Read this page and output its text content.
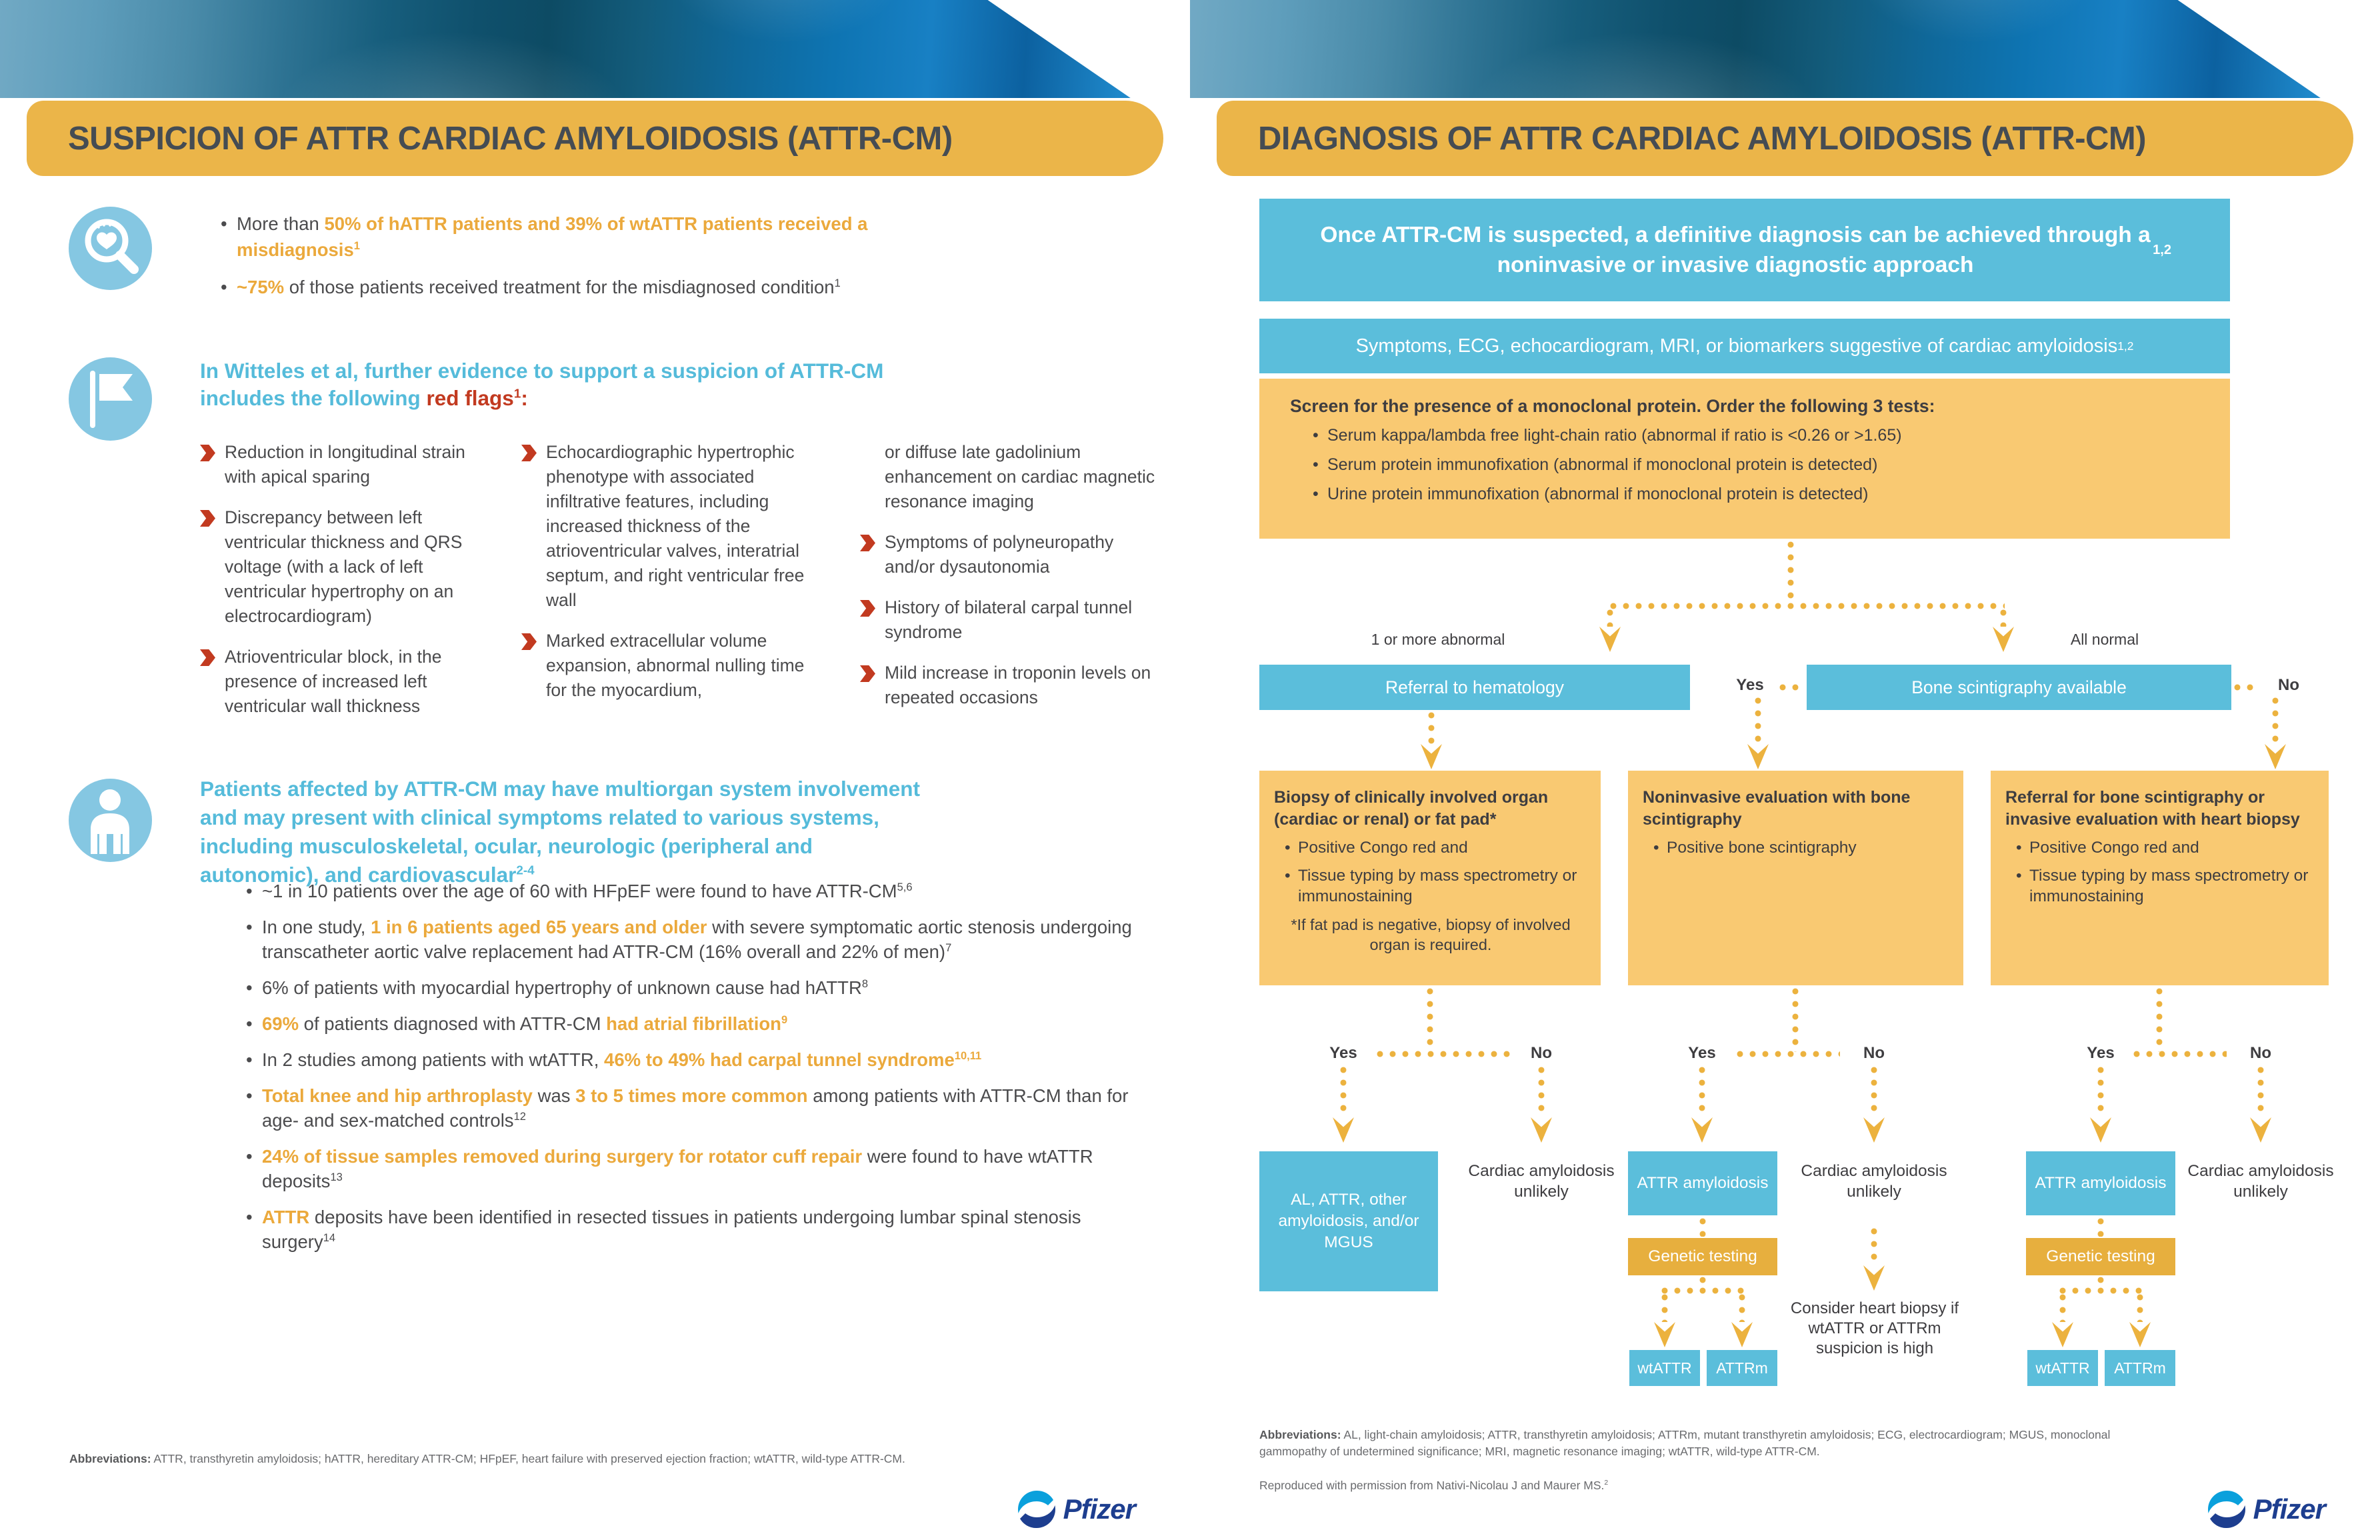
SUSPICION OF ATTR CARDIAC AMYLOIDOSIS (ATTR-CM)
• More than 50% of hATTR patients and 39% of wtATTR patients received a misdiagnosis$^1$
• ~75% of those patients received treatment for the misdiagnosed condition$^1$
In Witteles et al, further evidence to support a suspicion of ATTR-CM includes the following red flags$^1$:
Reduction in longitudinal strain with apical sparing
Discrepancy between left ventricular thickness and QRS voltage (with a lack of left ventricular hypertrophy on an electrocardiogram)
Atrioventricular block, in the presence of increased left ventricular wall thickness
Echocardiographic hypertrophic phenotype with associated infiltrative features, including increased thickness of the atrioventricular valves, interatrial septum, and right ventricular free wall
Marked extracellular volume expansion, abnormal nulling time for the myocardium,
or diffuse late gadolinium enhancement on cardiac magnetic resonance imaging
Symptoms of polyneuropathy and/or dysautonomia
History of bilateral carpal tunnel syndrome
Mild increase in troponin levels on repeated occasions
Patients affected by ATTR-CM may have multiorgan system involvement and may present with clinical symptoms related to various systems, including musculoskeletal, ocular, neurologic (peripheral and autonomic), and cardiovascular$^{2-4}$
• ~1 in 10 patients over the age of 60 with HFpEF were found to have ATTR-CM$^{5,6}$
• In one study, 1 in 6 patients aged 65 years and older with severe symptomatic aortic stenosis undergoing transcatheter aortic valve replacement had ATTR-CM (16% overall and 22% of men)$^7$
• 6% of patients with myocardial hypertrophy of unknown cause had hATTR$^8$
• 69% of patients diagnosed with ATTR-CM had atrial fibrillation$^9$
• In 2 studies among patients with wtATTR, 46% to 49% had carpal tunnel syndrome$^{10,11}$
• Total knee and hip arthroplasty was 3 to 5 times more common among patients with ATTR-CM than for age- and sex-matched controls$^{12}$
• 24% of tissue samples removed during surgery for rotator cuff repair were found to have wtATTR deposits$^{13}$
• ATTR deposits have been identified in resected tissues in patients undergoing lumbar spinal stenosis surgery$^{14}$

Abbreviations: ATTR, transthyretin amyloidosis; hATTR, hereditary ATTR-CM; HFpEF, heart failure with preserved ejection fraction; wtATTR, wild-type ATTR-CM.

Pfizer
DIAGNOSIS OF ATTR CARDIAC AMYLOIDOSIS (ATTR-CM)
Once ATTR-CM is suspected, a definitive diagnosis can be achieved through a noninvasive or invasive diagnostic approach
1,2
Symptoms, ECG, echocardiogram, MRI, or biomarkers suggestive of cardiac amyloidosis 1,2
Screen for the presence of a monoclonal protein. Order the following 3 tests:
• Serum kappa/lambda free light-chain ratio (abnormal if ratio is <0.26 or >1.65)
• Serum protein immunofixation (abnormal if monoclonal protein is detected)
• Urine protein immunofixation (abnormal if monoclonal protein is detected)
1 or more abnormal	All normal
Referral to hematology	Bone scintigraphy available
Yes	No
Biopsy of clinically involved organ (cardiac or renal) or fat pad*
• Positive Congo red and
• Tissue typing by mass spectrometry or immunostaining
*If fat pad is negative, biopsy of involved organ is required.
Noninvasive evaluation with bone scintigraphy
• Positive bone scintigraphy
Referral for bone scintigraphy or invasive evaluation with heart biopsy
• Positive Congo red and
• Tissue typing by mass spectrometry or immunostaining
Yes	No	Yes	No	Yes	No
AL, ATTR, other amyloidosis, and/or MGUS
Cardiac amyloidosis unlikely	ATTR amyloidosis
Cardiac amyloidosis unlikely	ATTR amyloidosis
Cardiac amyloidosis unlikely
Genetic testing	Genetic testing
wtATTR	ATTRm	wtATTR	ATTRm
Consider heart biopsy if wtATTR or ATTRm suspicion is high

Abbreviations: AL, light-chain amyloidosis; ATTR, transthyretin amyloidosis; ATTRm, mutant transthyretin amyloidosis; ECG, electrocardiogram; MGUS, monoclonal gammopathy of undetermined significance; MRI, magnetic resonance imaging; wtATTR, wild-type ATTR-CM.

Reproduced with permission from Nativi-Nicolau J and Maurer MS.$^2$

Pfizer
